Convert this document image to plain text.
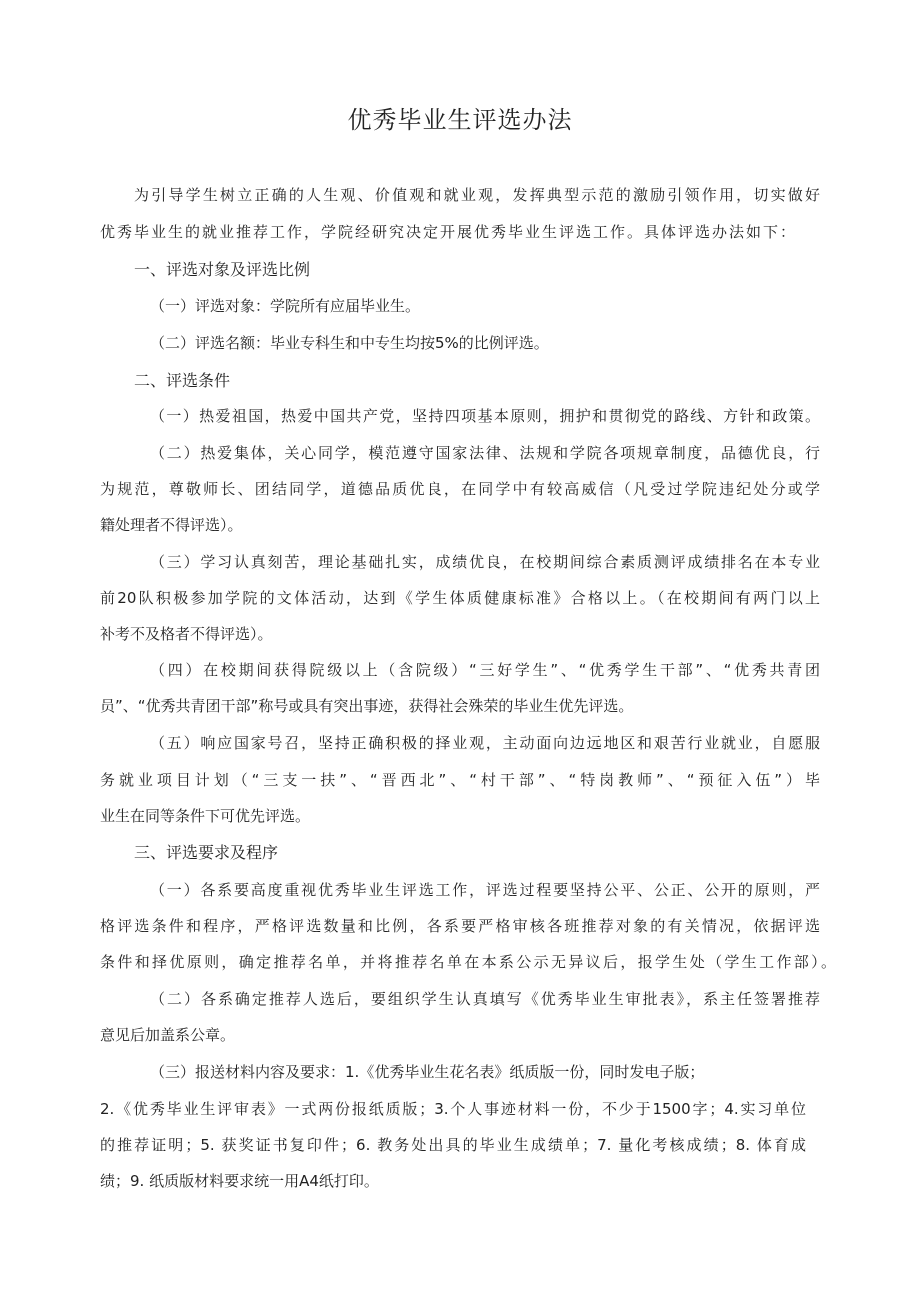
优秀毕业生评选办法
为引导学生树立正确的人生观、价值观和就业观，发挥典型示范的激励引领作用，切实做好
优秀毕业生的就业推荐工作，学院经研究决定开展优秀毕业生评选工作。具体评选办法如下：
一、评选对象及评选比例
（一）评选对象：学院所有应届毕业生。
（二）评选名额：毕业专科生和中专生均按5%的比例评选。
二、评选条件
（一）热爱祖国，热爱中国共产党，坚持四项基本原则，拥护和贯彻党的路线、方针和政策。
（二）热爱集体，关心同学，模范遵守国家法律、法规和学院各项规章制度，品德优良，行
为规范，尊敬师长、团结同学，道德品质优良，在同学中有较高威信（凡受过学院违纪处分或学
籍处理者不得评选）。
（三）学习认真刻苦，理论基础扎实，成绩优良，在校期间综合素质测评成绩排名在本专业
前20队积极参加学院的文体活动，达到《学生体质健康标准》合格以上。（在校期间有两门以上
补考不及格者不得评选）。
（四）在校期间获得院级以上（含院级）“三好学生”、“优秀学生干部”、“优秀共青团
员”、“优秀共青团干部”称号或具有突出事迹，获得社会殊荣的毕业生优先评选。
（五）响应国家号召，坚持正确积极的择业观，主动面向边远地区和艰苦行业就业，自愿服
务就业项目计划（“三支一扶”、“晋西北”、“村干部”、“特岗教师”、“预征入伍”）毕
业生在同等条件下可优先评选。
三、评选要求及程序
（一）各系要高度重视优秀毕业生评选工作，评选过程要坚持公平、公正、公开的原则，严
格评选条件和程序，严格评选数量和比例，各系要严格审核各班推荐对象的有关情况，依据评选
条件和择优原则，确定推荐名单，并将推荐名单在本系公示无异议后，报学生处（学生工作部）。
（二）各系确定推荐人选后，要组织学生认真填写《优秀毕业生审批表》，系主任签署推荐
意见后加盖系公章。
（三）报送材料内容及要求：1.《优秀毕业生花名表》纸质版一份，同时发电子版；
2.《优秀毕业生评审表》一式两份报纸质版；3.个人事迹材料一份，不少于1500字；4.实习单位
的推荐证明；5. 获奖证书复印件；6. 教务处出具的毕业生成绩单；7. 量化考核成绩；8. 体育成
绩；9. 纸质版材料要求统一用A4纸打印。
